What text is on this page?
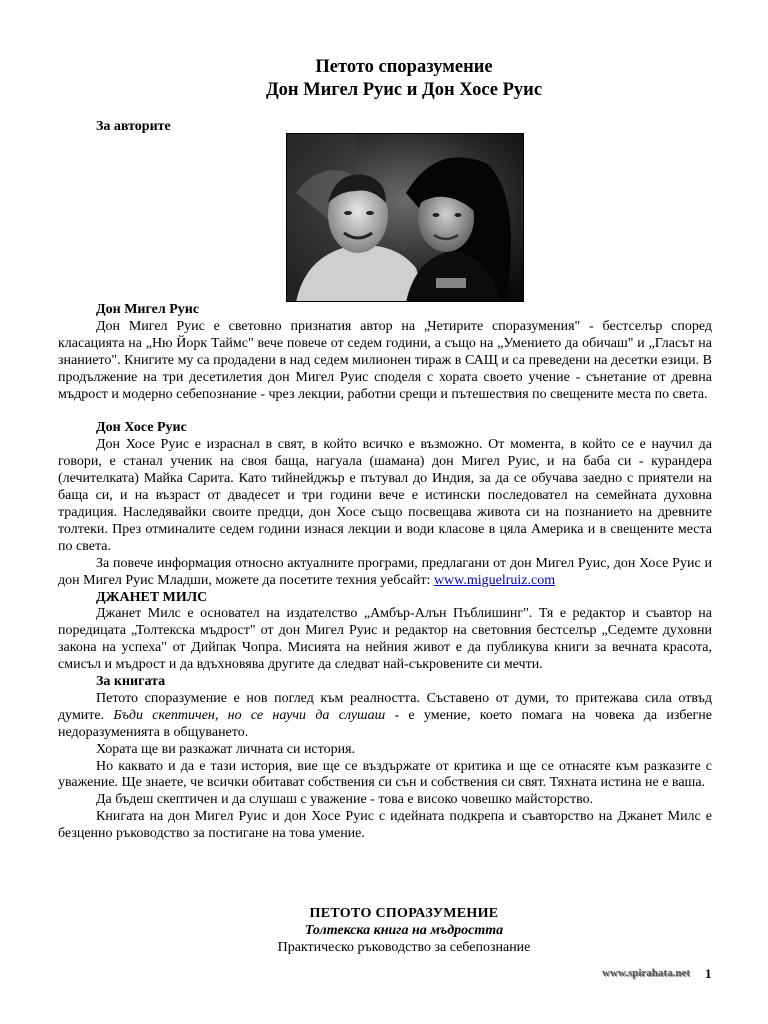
Петото споразумение
Дон Мигел Руис и Дон Хосе Руис
За авторите

Дон Мигел Руис

Дон Мигел Руис е световно признатия автор на „Четирите споразумения" - бестселър според класацията на „Ню Йорк Таймс" вече повече от седем години, а също на „Умението да обичаш" и „Гласът на знанието". Книгите му са продадени в над седем милионен тираж в САЩ и са преведени на десетки езици. В продължение на три десетилетия дон Мигел Руис споделя с хората своето учение - сънетание от древна мъдрост и модерно себепознание - чрез лекции, работни срещи и пътешествия по свещените места по света.

Дон Хосе Руис

Дон Хосе Руис е израснал в свят, в който всичко е възможно. От момента, в който се е научил да говори, е станал ученик на своя баща, нагуала (шамана) дон Мигел Руис, и на баба си - курандера (лечителката) Майка Сарита. Като тийнейджър е пътувал до Индия, за да се обучава заедно с приятели на баща си, и на възраст от двадесет и три години вече е истински последовател на семейната духовна традиция. Наследявайки своите предци, дон Хосе също посвещава живота си на познанието на древните толтеки. През отминалите седем години изнася лекции и води класове в цяла Америка и в свещените места по света.

За повече информация относно актуалните програми, предлагани от дон Мигел Руис, дон Хосе Руис и дон Мигел Руис Младши, можете да посетите техния уебсайт: www.miguelruiz.com

ДЖАНЕТ МИЛС

Джанет Милс е основател на издателство „Амбър-Алън Пъблишинг". Тя е редактор и съавтор на поредицата „Толтекска мъдрост" от дон Мигел Руис и редактор на световния бестселър „Седемте духовни закона на успеха" от Дийпак Чопра. Мисията на нейния живот е да публикува книги за вечната красота, смисъл и мъдрост и да вдъхновява другите да следват най-съкровените си мечти.

За книгата

Петото споразумение е нов поглед към реалността. Съставено от думи, то притежава сила отвъд думите. Бъди скептичен, но се научи да слушаш - е умение, което помага на човека да избегне недоразуменията в общуването.

Хората ще ви разкажат личната си история.

Но каквато и да е тази история, вие ще се въздържате от критика и ще се отнасяте към разказите с уважение. Ще знаете, че всички обитават собствения си сън и собствения си свят. Тяхната истина не е ваша.

Да бъдеш скептичен и да слушаш с уважение - това е високо човешко майсторство.

Книгата на дон Мигел Руис и дон Хосе Руис с идейната подкрепа и съавторство на Джанет Милс е безценно ръководство за постигане на това умение.

ПЕТОТО СПОРАЗУМЕНИЕ
Толтекска книга на мъдростта
Практическо ръководство за себепознание
www.spirahata.net 1
